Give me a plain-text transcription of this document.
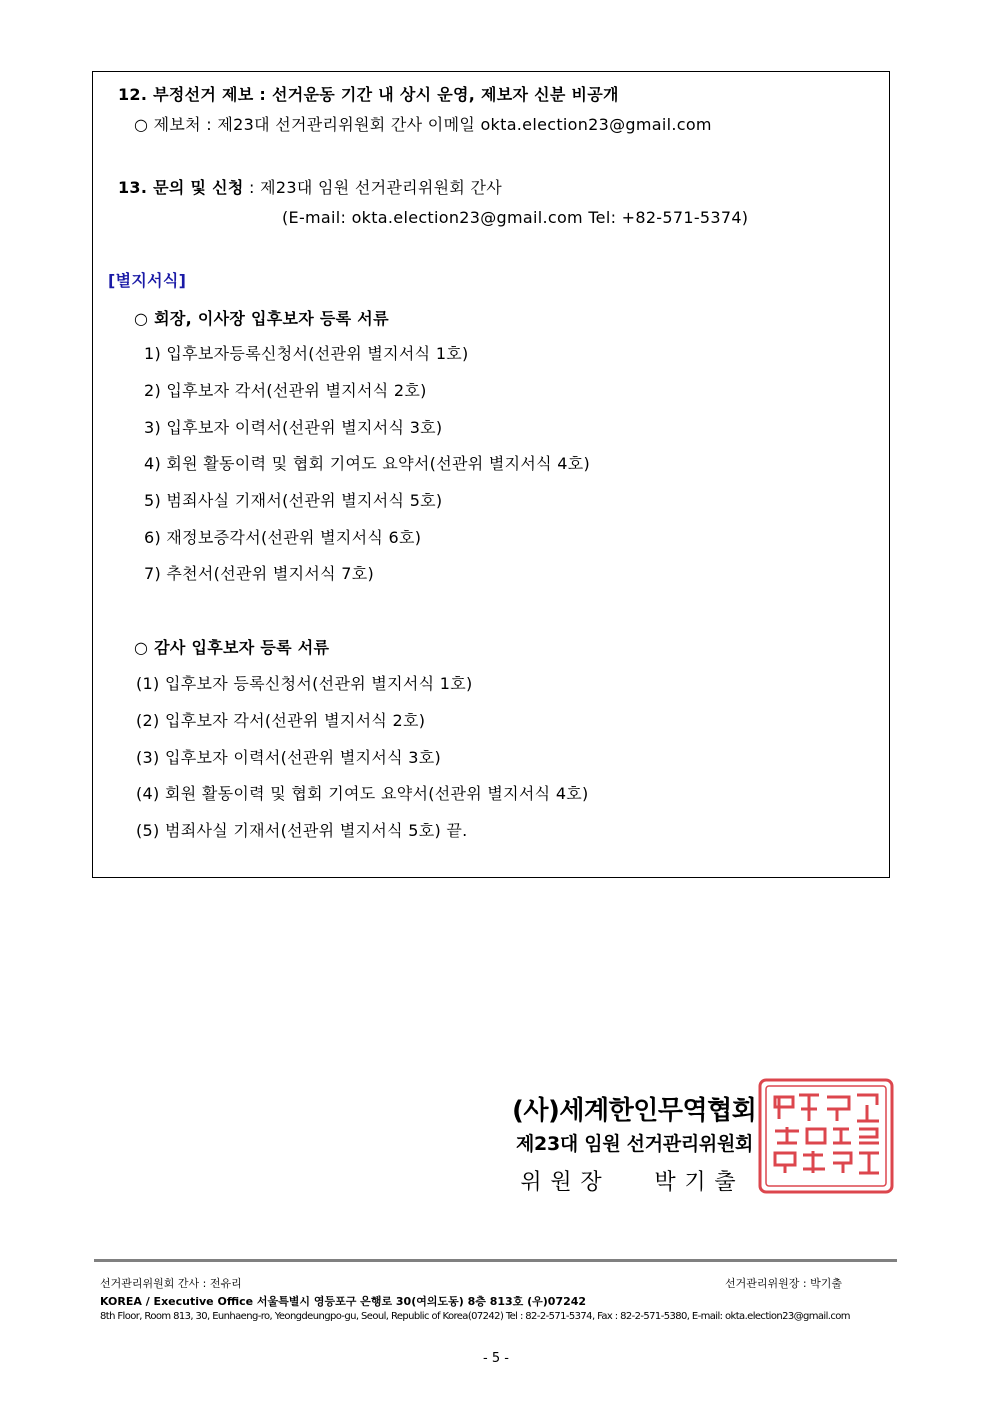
12. 부정선거 제보 : 선거운동 기간 내 상시 운영, 제보자 신분 비공개
○ 제보처 : 제23대 선거관리위원회 간사 이메일 okta.election23@gmail.com
13. 문의 및 신청 : 제23대 임원 선거관리위원회 간사
(E-mail: okta.election23@gmail.com Tel: +82-571-5374)
[별지서식]
○ 회장, 이사장 입후보자 등록 서류
1) 입후보자등록신청서(선관위 별지서식 1호)
2) 입후보자 각서(선관위 별지서식 2호)
3) 입후보자 이력서(선관위 별지서식 3호)
4) 회원 활동이력 및 협회 기여도 요약서(선관위 별지서식 4호)
5) 범죄사실 기재서(선관위 별지서식 5호)
6) 재정보증각서(선관위 별지서식 6호)
7) 추천서(선관위 별지서식 7호)
○ 감사 입후보자 등록 서류
(1) 입후보자 등록신청서(선관위 별지서식 1호)
(2) 입후보자 각서(선관위 별지서식 2호)
(3) 입후보자 이력서(선관위 별지서식 3호)
(4) 회원 활동이력 및 협회 기여도 요약서(선관위 별지서식 4호)
(5) 범죄사실 기재서(선관위 별지서식 5호) 끝.
(사)세계한인무역협회
제23대 임원 선거관리위원회
위 원 장 박 기 출
선거관리위원회 간사 : 전유리	선거관리위원장 : 박기출
KOREA / Executive Office 서울특별시 영등포구 은행로 30(여의도동) 8층 813호 (우)07242
8th Floor, Room 813, 30, Eunhaeng-ro, Yeongdeungpo-gu, Seoul, Republic of Korea(07242) Tel : 82-2-571-5374, Fax : 82-2-571-5380, E-mail: okta.election23@gmail.com
- 5 -
